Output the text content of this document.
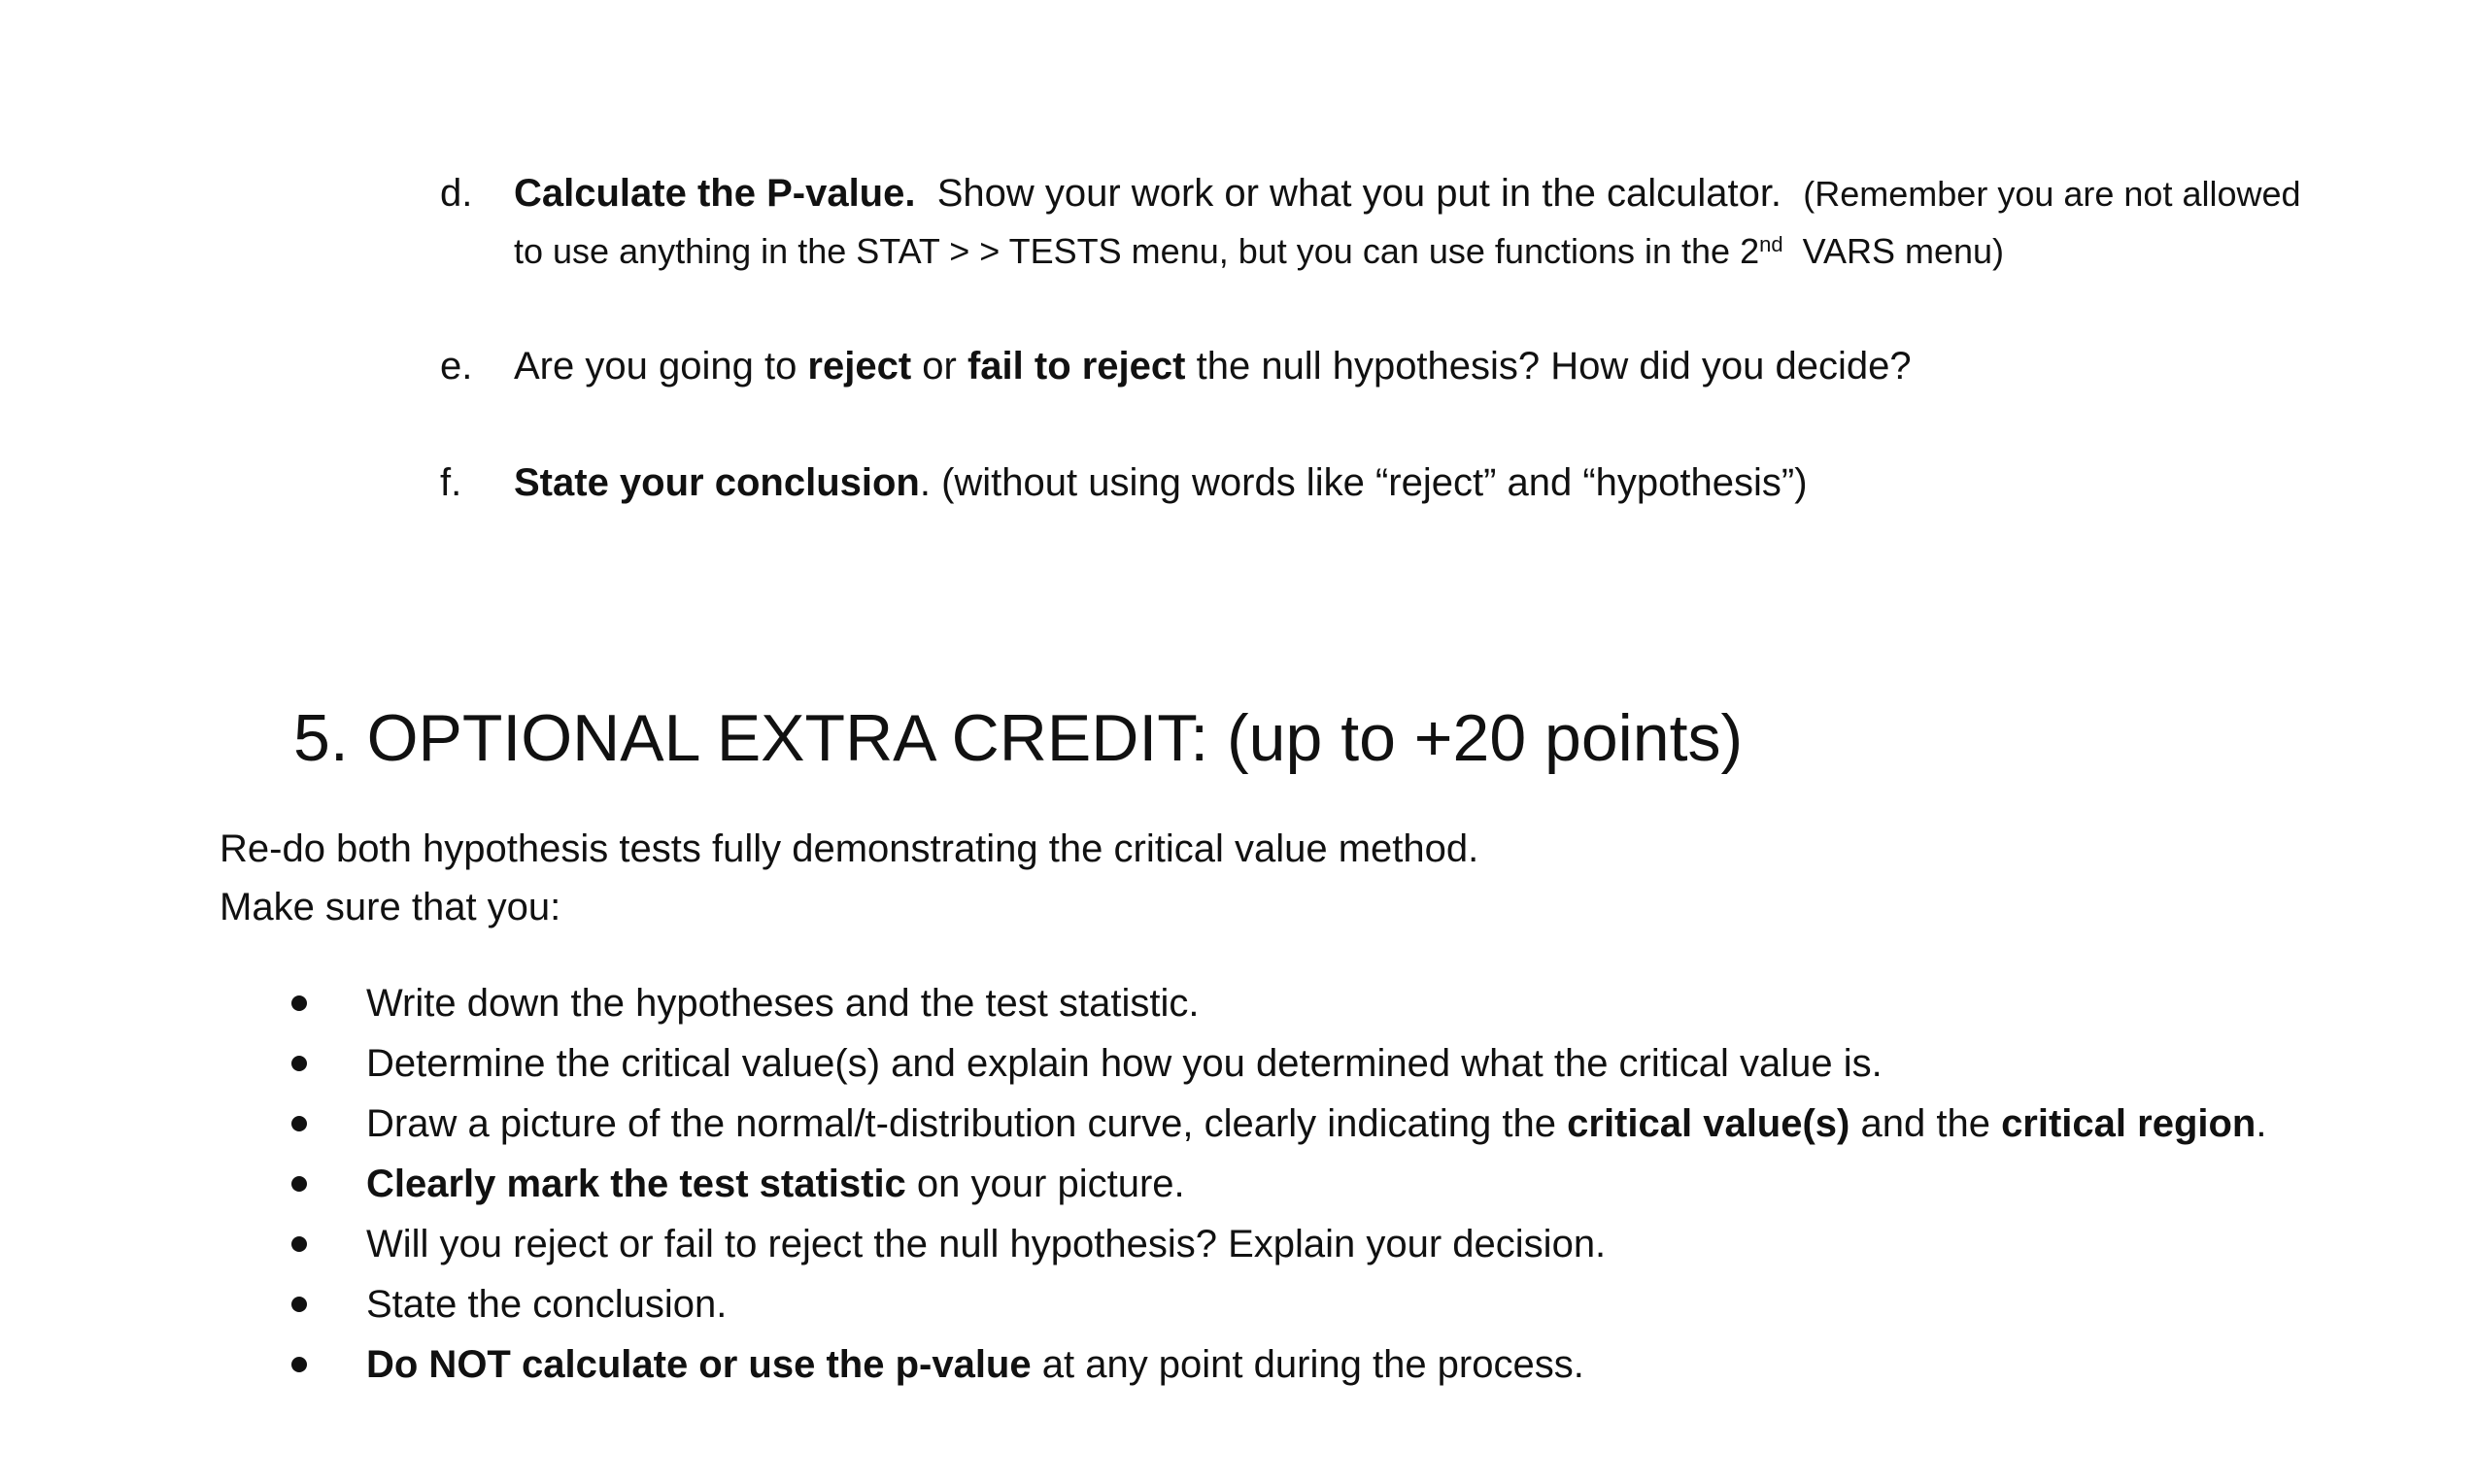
d. Calculate the P-value.  Show your work or what you put in the calculator.  (Remember you are not allowed to use anything in the STAT > > TESTS menu, but you can use functions in the 2nd  VARS menu)
e. Are you going to reject or fail to reject the null hypothesis? How did you decide?
f. State your conclusion. (without using words like “reject” and “hypothesis”)
5. OPTIONAL EXTRA CREDIT: (up to +20 points)
Re-do both hypothesis tests fully demonstrating the critical value method.
Make sure that you:
Write down the hypotheses and the test statistic.
Determine the critical value(s) and explain how you determined what the critical value is.
Draw a picture of the normal/t-distribution curve, clearly indicating the critical value(s) and the critical region.
Clearly mark the test statistic on your picture.
Will you reject or fail to reject the null hypothesis? Explain your decision.
State the conclusion.
Do NOT calculate or use the p-value at any point during the process.
